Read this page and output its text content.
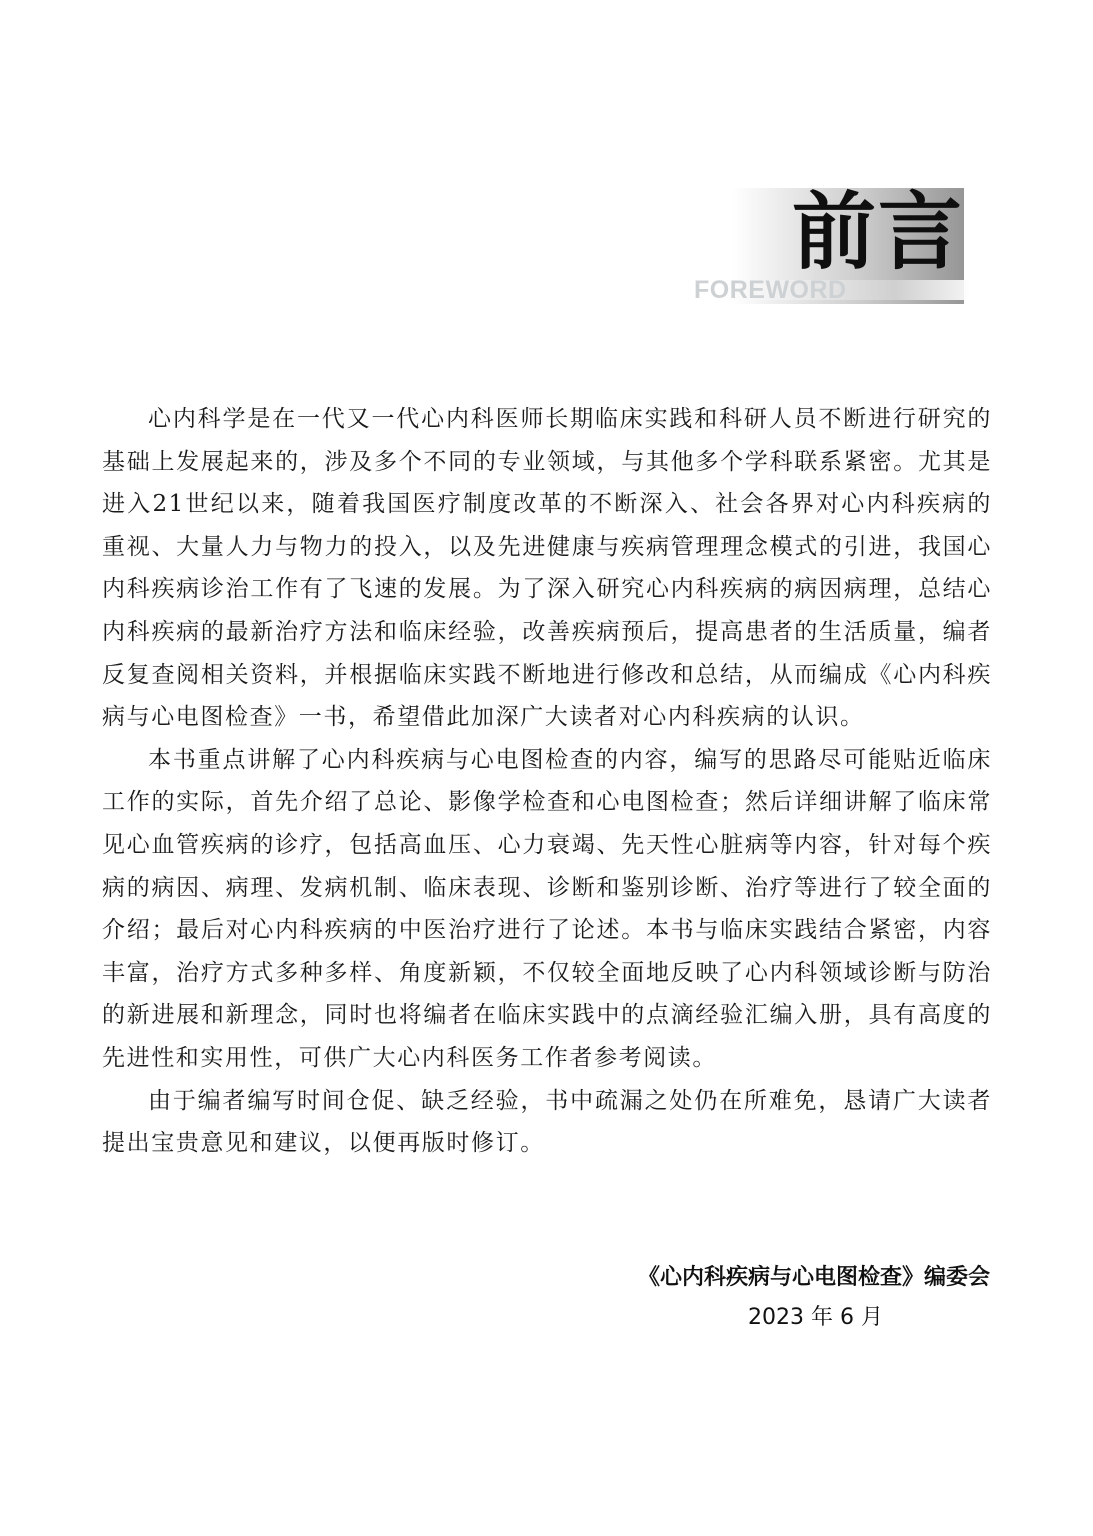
前言
FOREWORD

心内科学是在一代又一代心内科医师长期临床实践和科研人员不断进行研究的基础上发展起来的，涉及多个不同的专业领域，与其他多个学科联系紧密。尤其是进入21世纪以来，随着我国医疗制度改革的不断深入、社会各界对心内科疾病的重视、大量人力与物力的投入，以及先进健康与疾病管理理念模式的引进，我国心内科疾病诊治工作有了飞速的发展。为了深入研究心内科疾病的病因病理，总结心内科疾病的最新治疗方法和临床经验，改善疾病预后，提高患者的生活质量，编者反复查阅相关资料，并根据临床实践不断地进行修改和总结，从而编成《心内科疾病与心电图检查》一书，希望借此加深广大读者对心内科疾病的认识。

本书重点讲解了心内科疾病与心电图检查的内容，编写的思路尽可能贴近临床工作的实际，首先介绍了总论、影像学检查和心电图检查；然后详细讲解了临床常见心血管疾病的诊疗，包括高血压、心力衰竭、先天性心脏病等内容，针对每个疾病的病因、病理、发病机制、临床表现、诊断和鉴别诊断、治疗等进行了较全面的介绍；最后对心内科疾病的中医治疗进行了论述。本书与临床实践结合紧密，内容丰富，治疗方式多种多样、角度新颖，不仅较全面地反映了心内科领域诊断与防治的新进展和新理念，同时也将编者在临床实践中的点滴经验汇编入册，具有高度的先进性和实用性，可供广大心内科医务工作者参考阅读。

由于编者编写时间仓促、缺乏经验，书中疏漏之处仍在所难免，恳请广大读者提出宝贵意见和建议，以便再版时修订。

《心内科疾病与心电图检查》编委会
2023 年 6 月
